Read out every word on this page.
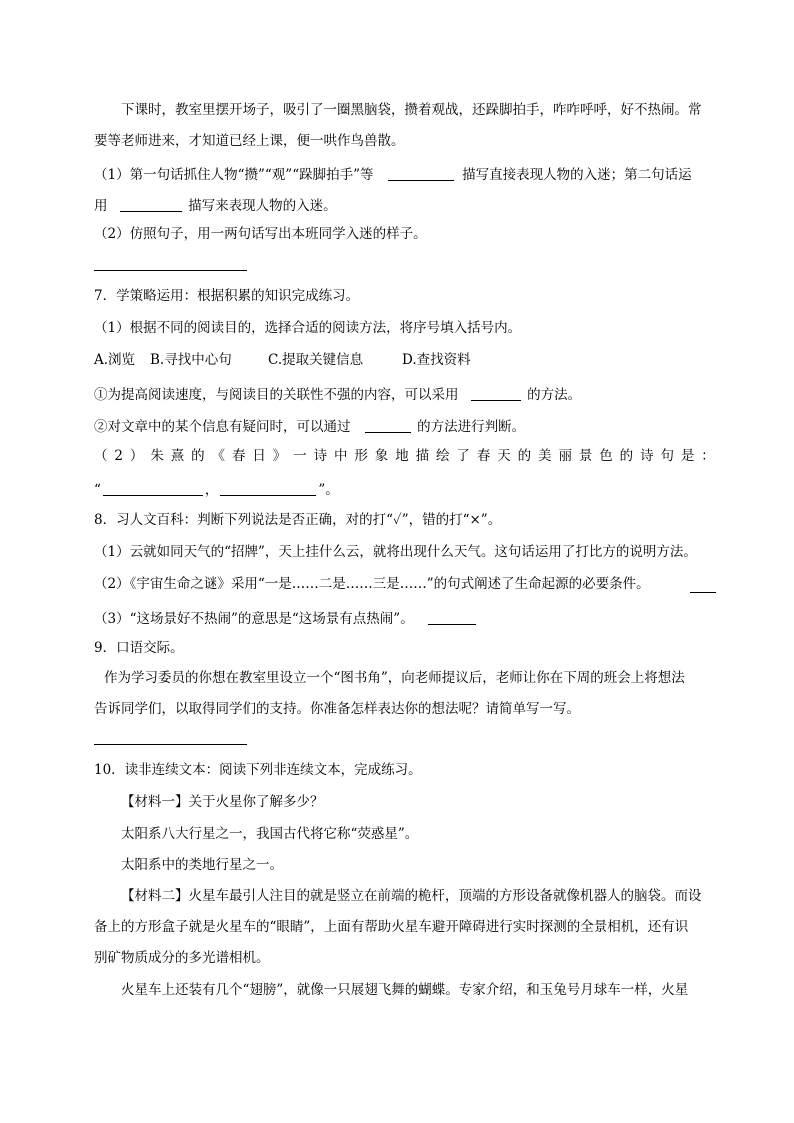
下课时，教室里摆开场子，吸引了一圈黑脑袋，攒着观战，还跺脚拍手，咋咋呼呼，好不热闹。常
要等老师进来，才知道已经上课，便一哄作鸟兽散。
（1）第一句话抓住人物“攒”“观”“跺脚拍手”等	描写直接表现人物的入迷；第二句话运
用	描写来表现人物的入迷。
（2）仿照句子，用一两句话写出本班同学入迷的样子。
7．学策略运用：根据积累的知识完成练习。
（1）根据不同的阅读目的，选择合适的阅读方法，将序号填入括号内。
A.浏览 B.寻找中心句	C.提取关键信息	D.查找资料
①为提高阅读速度，与阅读目的关联性不强的内容，可以采用	的方法。
②对文章中的某个信息有疑问时，可以通过	的方法进行判断。
（ 2 ） 朱 熹 的 《 春 日 》 一 诗 中 形 象 地 描 绘 了 春 天 的 美 丽 景 色 的 诗 句 是 ：
“	，	”。
8．习人文百科：判断下列说法是否正确，对的打“✓”，错的打“×”。
（1）云就如同天气的“招牌”，天上挂什么云，就将出现什么天气。这句话运用了打比方的说明方法。
（2）《宇宙生命之谜》采用“一是……二是……三是……”的句式阐述了生命起源的必要条件。
（3）“这场景好不热闹”的意思是“这场景有点热闹”。
9．口语交际。
作为学习委员的你想在教室里设立一个“图书角”，向老师提议后，老师让你在下周的班会上将想法
告诉同学们，以取得同学们的支持。你准备怎样表达你的想法呢？请简单写一写。
10．读非连续文本：阅读下列非连续文本，完成练习。
【材料一】关于火星你了解多少？
太阳系八大行星之一，我国古代将它称“荧惑星”。
太阳系中的类地行星之一。
【材料二】火星车最引人注目的就是竖立在前端的桅杆，顶端的方形设备就像机器人的脑袋。而设
备上的方形盒子就是火星车的“眼睛”，上面有帮助火星车避开障碍进行实时探测的全景相机，还有识
别矿物质成分的多光谱相机。
火星车上还装有几个“翅膀”，就像一只展翅飞舞的蝴蝶。专家介绍，和玉兔号月球车一样，火星
